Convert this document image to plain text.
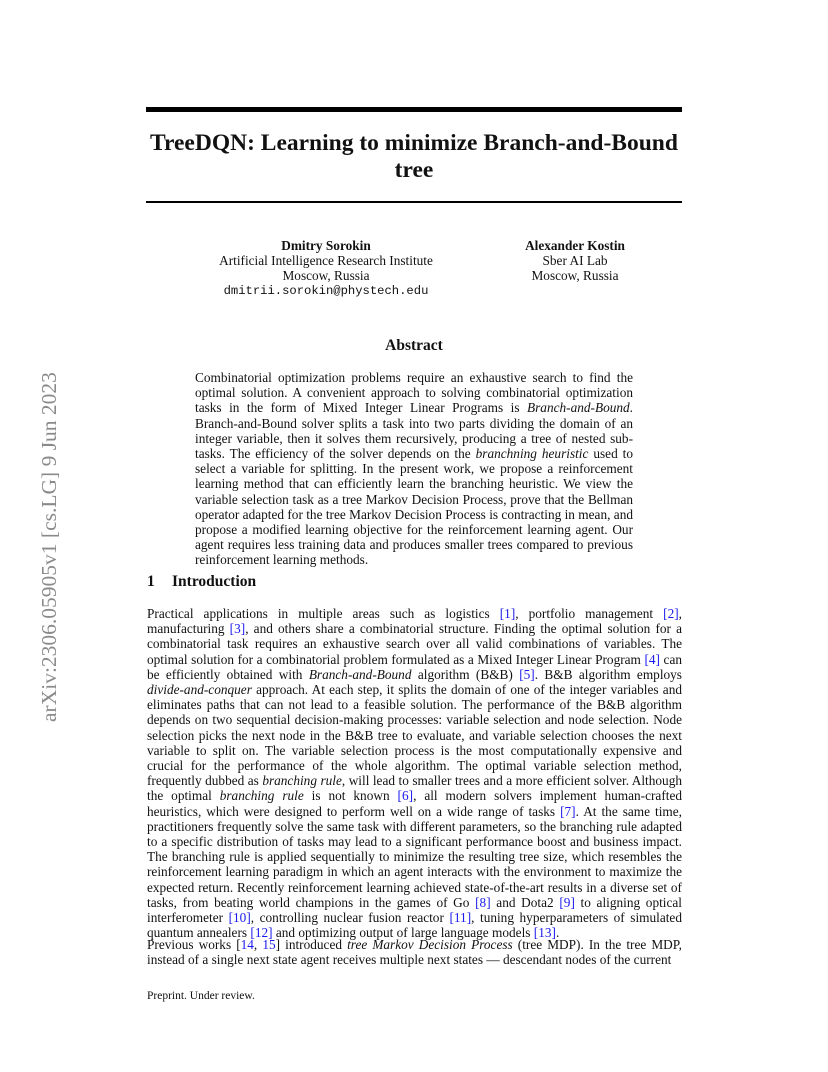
TreeDQN: Learning to minimize Branch-and-Bound tree
arXiv:2306.05905v1 [cs.LG] 9 Jun 2023
Dmitry Sorokin
Artificial Intelligence Research Institute
Moscow, Russia
dmitrii.sorokin@phystech.edu
Alexander Kostin
Sber AI Lab
Moscow, Russia
Abstract

Combinatorial optimization problems require an exhaustive search to find the optimal solution. A convenient approach to solving combinatorial optimization tasks in the form of Mixed Integer Linear Programs is Branch-and-Bound. Branch-and-Bound solver splits a task into two parts dividing the domain of an integer variable, then it solves them recursively, producing a tree of nested sub-tasks. The efficiency of the solver depends on the branchning heuristic used to select a variable for splitting. In the present work, we propose a reinforcement learning method that can efficiently learn the branching heuristic. We view the variable selection task as a tree Markov Decision Process, prove that the Bellman operator adapted for the tree Markov Decision Process is contracting in mean, and propose a modified learning objective for the reinforcement learning agent. Our agent requires less training data and produces smaller trees compared to previous reinforcement learning methods.

1 Introduction

Practical applications in multiple areas such as logistics [ 1 ] , portfolio management [ 2 ] , manufacturing [ 3 ] , and others share a combinatorial structure. Finding the optimal solution for a combinatorial task requires an exhaustive search over all valid combinations of variables. The optimal solution for a combinatorial problem formulated as a Mixed Integer Linear Program [ 4 ] can be efficiently obtained with Branch-and-Bound algorithm (B&B) [ 5 ] . B&B algorithm employs divide-and-conquer approach. At each step, it splits the domain of one of the integer variables and eliminates paths that can not lead to a feasible solution. The performance of the B&B algorithm depends on two sequential decision-making processes: variable selection and node selection. Node selection picks the next node in the B&B tree to evaluate, and variable selection chooses the next variable to split on. The variable selection process is the most computationally expensive and crucial for the performance of the whole algorithm. The optimal variable selection method, frequently dubbed as branching rule, will lead to smaller trees and a more efficient solver. Although the optimal branching rule is not known [ 6 ] , all modern solvers implement human-crafted heuristics, which were designed to perform well on a wide range of tasks [ 7 ] . At the same time, practitioners frequently solve the same task with different parameters, so the branching rule adapted to a specific distribution of tasks may lead to a significant performance boost and business impact. The branching rule is applied sequentially to minimize the resulting tree size, which resembles the reinforcement learning paradigm in which an agent interacts with the environment to maximize the expected return. Recently reinforcement learning achieved state-of-the-art results in a diverse set of tasks, from beating world champions in the games of Go [ 8 ] and Dota2 [ 9 ] to aligning optical interferometer [ 10 ] , controlling nuclear fusion reactor [ 11 ] , tuning hyperparameters of simulated quantum annealers [ 12 ] and optimizing output of large language models [ 13 ] .

Previous works [14, 15] introduced tree Markov Decision Process (tree MDP). In the tree MDP, instead of a single next state agent receives multiple next states — descendant nodes of the current

Preprint. Under review.
